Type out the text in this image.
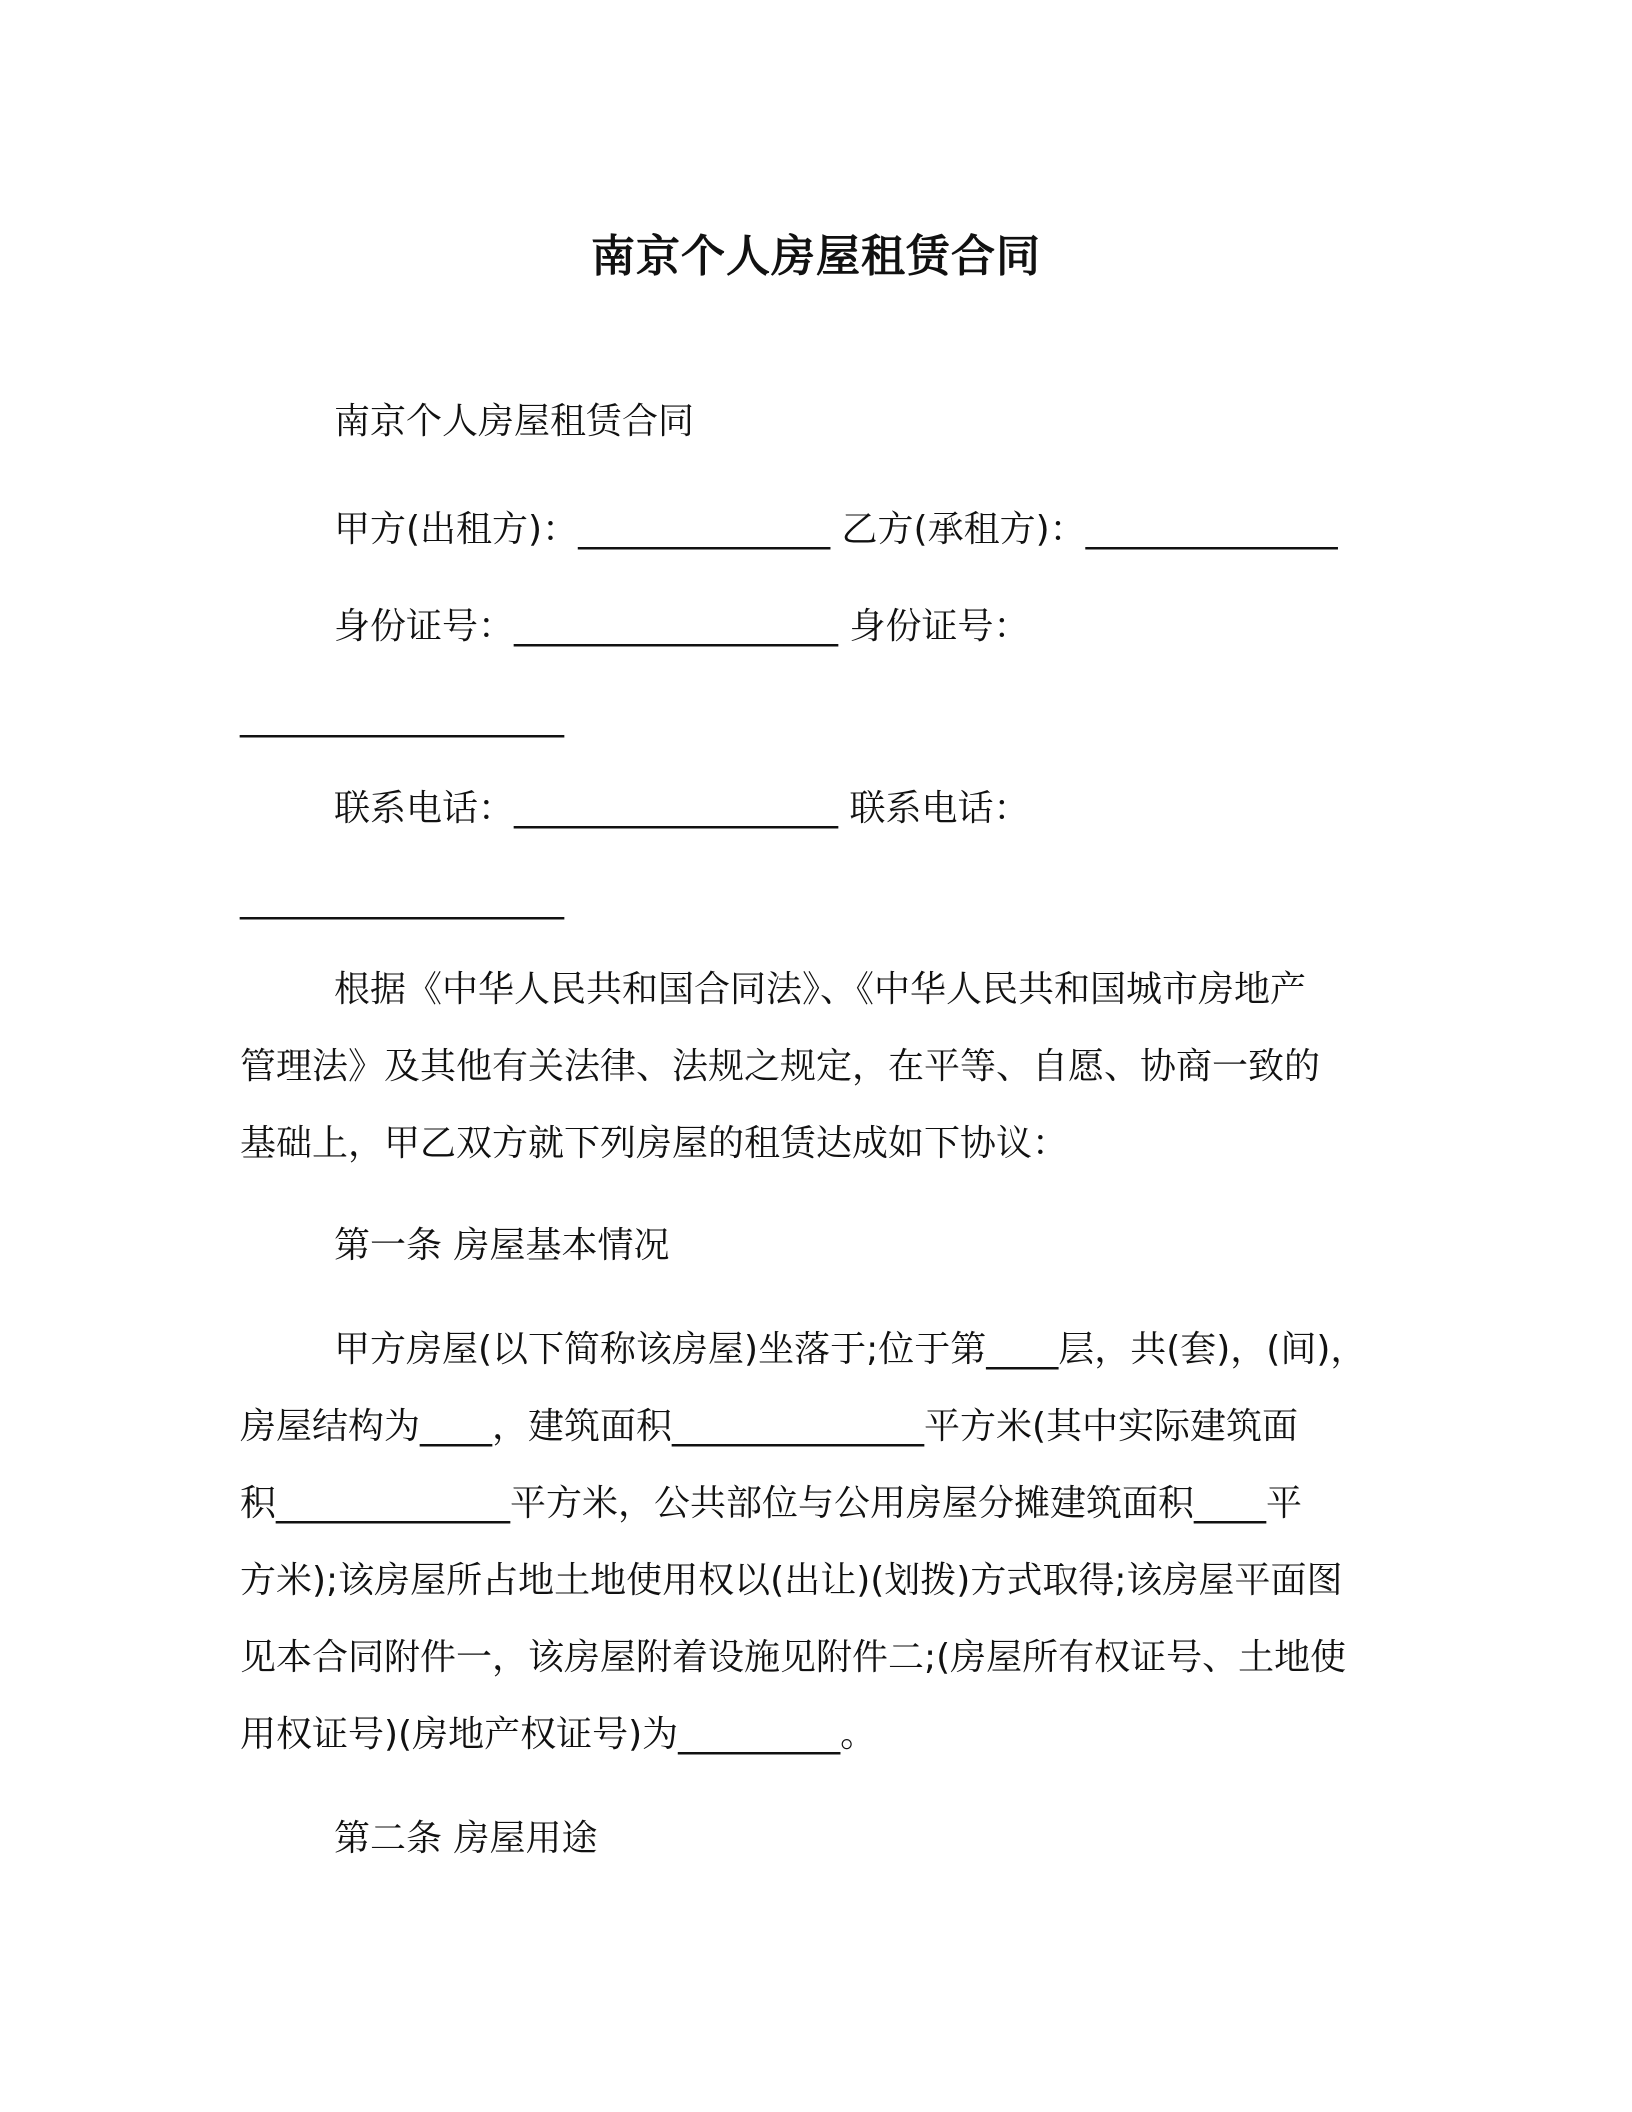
南京个人房屋租赁合同
南京个人房屋租赁合同
甲方(出租方)：______________ 乙方(承租方)：______________
身份证号：__________________ 身份证号：
__________________
联系电话：__________________ 联系电话：
__________________
根据《中华人民共和国合同法》、《中华人民共和国城市房地产
管理法》及其他有关法律、法规之规定，在平等、自愿、协商一致的
基础上，甲乙双方就下列房屋的租赁达成如下协议：
第一条 房屋基本情况
甲方房屋(以下简称该房屋)坐落于;位于第____层，共(套)，(间)，
房屋结构为____，建筑面积______________平方米(其中实际建筑面
积_____________平方米，公共部位与公用房屋分摊建筑面积____平
方米);该房屋所占地土地使用权以(出让)(划拨)方式取得;该房屋平面图
见本合同附件一，该房屋附着设施见附件二;(房屋所有权证号、土地使
用权证号)(房地产权证号)为_________。
第二条 房屋用途
